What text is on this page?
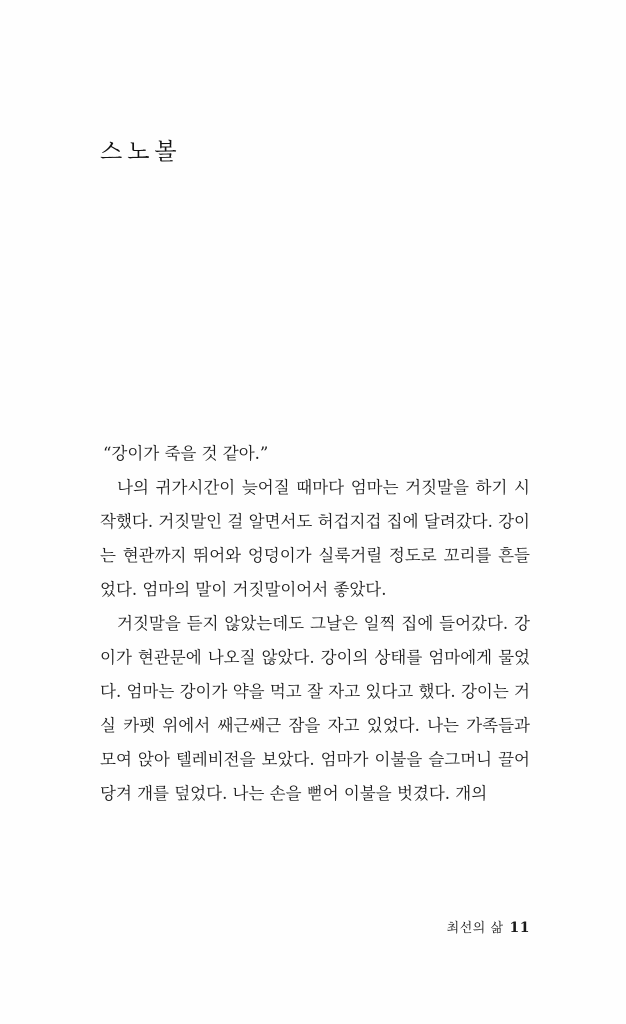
스노볼

“강이가 죽을 것 같아.”

나의 귀가시간이 늦어질 때마다 엄마는 거짓말을 하기 시작했다. 거짓말인 걸 알면서도 허겁지겁 집에 달려갔다. 강이는 현관까지 뛰어와 엉덩이가 실룩거릴 정도로 꼬리를 흔들었다. 엄마의 말이 거짓말이어서 좋았다.

거짓말을 듣지 않았는데도 그날은 일찍 집에 들어갔다. 강이가 현관문에 나오질 않았다. 강이의 상태를 엄마에게 물었다. 엄마는 강이가 약을 먹고 잘 자고 있다고 했다. 강이는 거실 카펫 위에서 쌔근쌔근 잠을 자고 있었다. 나는 가족들과 모여 앉아 텔레비전을 보았다. 엄마가 이불을 슬그머니 끌어당겨 개를 덮었다. 나는 손을 뻗어 이불을 벗겼다. 개의

최선의 삶 11
